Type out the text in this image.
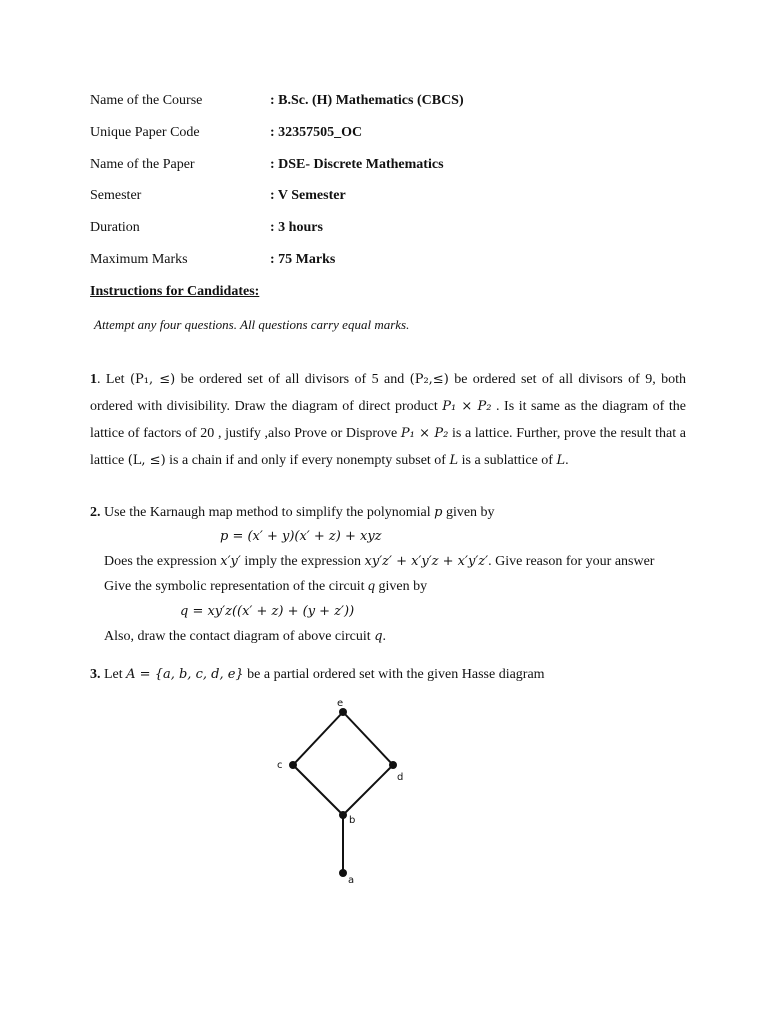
Name of the Course	: B.Sc. (H) Mathematics (CBCS)
Unique Paper Code	: 32357505_OC
Name of the Paper	: DSE- Discrete Mathematics
Semester	: V Semester
Duration	: 3 hours
Maximum Marks	: 75 Marks
Instructions for Candidates:
Attempt any four questions. All questions carry equal marks.
1. Let (P₁, ≤) be ordered set of all divisors of 5 and (P₂,≤) be ordered set of all divisors of 9, both ordered with divisibility. Draw the diagram of direct product P₁ × P₂ . Is it same as the diagram of the lattice of factors of 20 , justify ,also Prove or Disprove P₁ × P₂ is a lattice. Further, prove the result that a lattice (L, ≤) is a chain if and only if every nonempty subset of L is a sublattice of L.
2. Use the Karnaugh map method to simplify the polynomial p given by
p = (x′ + y)(x′ + z) + xyz
Does the expression x′y′ imply the expression xy′z′ + x′y′z + x′y′z′. Give reason for your answer
Give the symbolic representation of the circuit q given by
q = xy′z((x′ + z) + (y + z′))
Also, draw the contact diagram of above circuit q.
3. Let A = {a, b, c, d, e} be a partial ordered set with the given Hasse diagram
e
c
d
b
a
